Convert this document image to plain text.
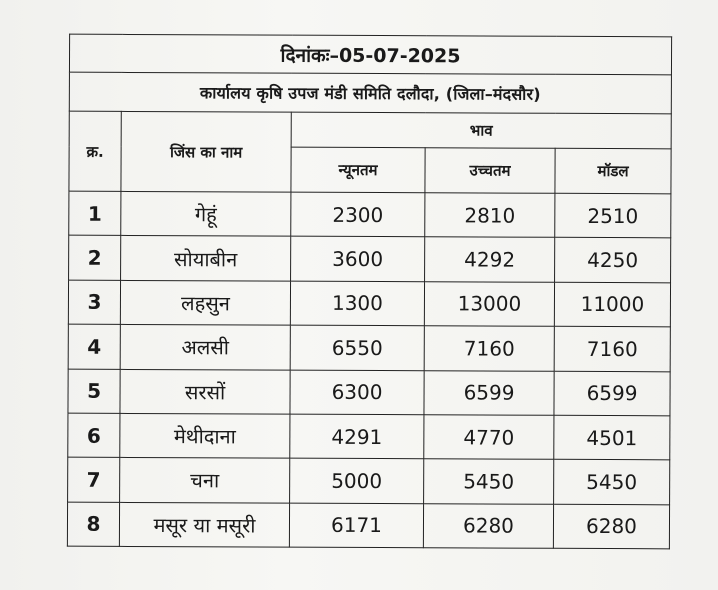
दिनांकः–05-07-2025				
कार्यालय कृषि उपज मंडी समिति दलौदा, (जिला–मंदसौर)				
क्र.	जिंस का नाम	भाव		
		न्यूनतम	उच्चतम	मॉडल
1	गेहूं	2300	2810	2510
2	सोयाबीन	3600	4292	4250
3	लहसुन	1300	13000	11000
4	अलसी	6550	7160	7160
5	सरसों	6300	6599	6599
6	मेथीदाना	4291	4770	4501
7	चना	5000	5450	5450
8	मसूर या मसूरी	6171	6280	6280
